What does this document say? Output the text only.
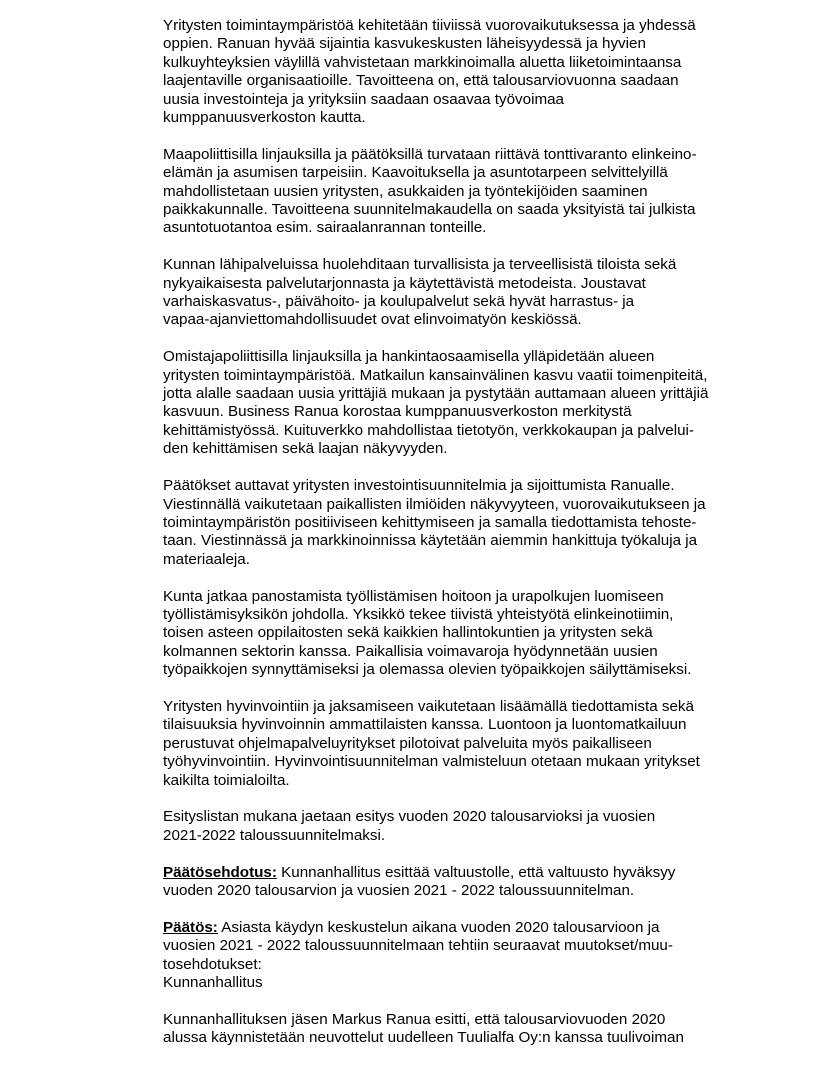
Yritysten toimintaympäristöä kehitetään tiiviissä vuorovaikutuksessa ja yhdessä
oppien. Ranuan hyvää sijaintia kasvukeskusten läheisyydessä ja hyvien
kulkuyhteyksien väylillä vahvistetaan markkinoimalla aluetta liiketoimintaansa
laajentaville organisaatioille. Tavoitteena on, että talousarviovuonna saadaan
uusia investointeja ja yrityksiin saadaan osaavaa työvoimaa
kumppanuusverkoston kautta.

Maapoliittisilla linjauksilla ja päätöksillä turvataan riittävä tonttivaranto elinkeino-
elämän ja asumisen tarpeisiin. Kaavoituksella ja asuntotarpeen selvittelyillä
mahdollistetaan uusien yritysten, asukkaiden ja työntekijöiden saaminen
paikkakunnalle. Tavoitteena suunnitelmakaudella on saada yksityistä tai julkista
asuntotuotantoa esim. sairaalanrannan tonteille.

Kunnan lähipalveluissa huolehditaan turvallisista ja terveellisistä tiloista sekä
nykyaikaisesta palvelutarjonnasta ja käytettävistä metodeista. Joustavat
varhaiskasvatus-, päivähoito- ja koulupalvelut sekä hyvät harrastus- ja
vapaa-ajanviettomahdollisuudet ovat elinvoimatyön keskiössä.

Omistajapoliittisilla linjauksilla ja hankintaosaamisella ylläpidetään alueen
yritysten toimintaympäristöä. Matkailun kansainvälinen kasvu vaatii toimenpiteitä,
jotta alalle saadaan uusia yrittäjiä mukaan ja pystytään auttamaan alueen yrittäjiä
kasvuun. Business Ranua korostaa kumppanuusverkoston merkitystä
kehittämistyössä. Kuituverkko mahdollistaa tietotyön, verkkokaupan ja palvelui-
den kehittämisen sekä laajan näkyvyyden.

Päätökset auttavat yritysten investointisuunnitelmia ja sijoittumista Ranualle.
Viestinnällä vaikutetaan paikallisten ilmiöiden näkyvyyteen, vuorovaikutukseen ja
toimintaympäristön positiiviseen kehittymiseen ja samalla tiedottamista tehoste-
taan. Viestinnässä ja markkinoinnissa käytetään aiemmin hankittuja työkaluja ja
materiaaleja.

Kunta jatkaa panostamista työllistämisen hoitoon ja urapolkujen luomiseen
työllistämisyksikön johdolla. Yksikkö tekee tiivistä yhteistyötä elinkeinotiimin,
toisen asteen oppilaitosten sekä kaikkien hallintokuntien ja yritysten sekä
kolmannen sektorin kanssa. Paikallisia voimavaroja hyödynnetään uusien
työpaikkojen synnyttämiseksi ja olemassa olevien työpaikkojen säilyttämiseksi.

Yritysten hyvinvointiin ja jaksamiseen vaikutetaan lisäämällä tiedottamista sekä
tilaisuuksia hyvinvoinnin ammattilaisten kanssa. Luontoon ja luontomatkailuun
perustuvat ohjelmapalveluyritykset pilotoivat palveluita myös paikalliseen
työhyvinvointiin. Hyvinvointisuunnitelman valmisteluun otetaan mukaan yritykset
kaikilta toimialoilta.

Esityslistan mukana jaetaan esitys vuoden 2020 talousarvioksi ja vuosien
2021-2022 taloussuunnitelmaksi.

Päätösehdotus: Kunnanhallitus esittää valtuustolle, että valtuusto hyväksyy
vuoden 2020 talousarvion ja vuosien 2021 - 2022 taloussuunnitelman.

Päätös: Asiasta käydyn keskustelun aikana vuoden 2020 talousarvioon ja
vuosien 2021 - 2022 taloussuunnitelmaan tehtiin seuraavat muutokset/muu-
tosehdotukset:
Kunnanhallitus

Kunnanhallituksen jäsen Markus Ranua esitti, että talousarviovuoden 2020
alussa käynnistetään neuvottelut uudelleen Tuulialfa Oy:n kanssa tuulivoiman
